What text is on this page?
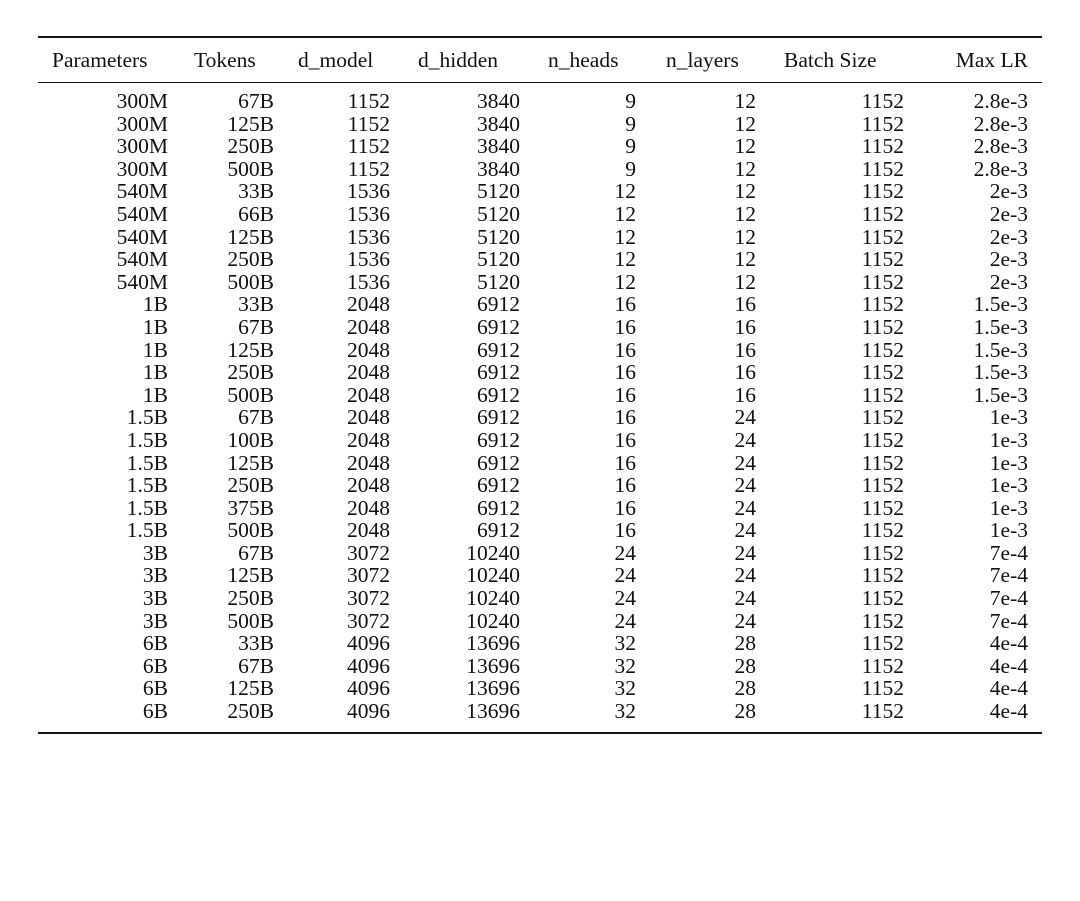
Parameters	Tokens	d_model	d_hidden	n_heads	n_layers	Batch Size	Max LR

300M	67B	1152	3840	9	12	1152	2.8e-3
300M	125B	1152	3840	9	12	1152	2.8e-3
300M	250B	1152	3840	9	12	1152	2.8e-3
300M	500B	1152	3840	9	12	1152	2.8e-3
540M	33B	1536	5120	12	12	1152	2e-3
540M	66B	1536	5120	12	12	1152	2e-3
540M	125B	1536	5120	12	12	1152	2e-3
540M	250B	1536	5120	12	12	1152	2e-3
540M	500B	1536	5120	12	12	1152	2e-3
1B	33B	2048	6912	16	16	1152	1.5e-3
1B	67B	2048	6912	16	16	1152	1.5e-3
1B	125B	2048	6912	16	16	1152	1.5e-3
1B	250B	2048	6912	16	16	1152	1.5e-3
1B	500B	2048	6912	16	16	1152	1.5e-3
1.5B	67B	2048	6912	16	24	1152	1e-3
1.5B	100B	2048	6912	16	24	1152	1e-3
1.5B	125B	2048	6912	16	24	1152	1e-3
1.5B	250B	2048	6912	16	24	1152	1e-3
1.5B	375B	2048	6912	16	24	1152	1e-3
1.5B	500B	2048	6912	16	24	1152	1e-3
3B	67B	3072	10240	24	24	1152	7e-4
3B	125B	3072	10240	24	24	1152	7e-4
3B	250B	3072	10240	24	24	1152	7e-4
3B	500B	3072	10240	24	24	1152	7e-4
6B	33B	4096	13696	32	28	1152	4e-4
6B	67B	4096	13696	32	28	1152	4e-4
6B	125B	4096	13696	32	28	1152	4e-4
6B	250B	4096	13696	32	28	1152	4e-4
